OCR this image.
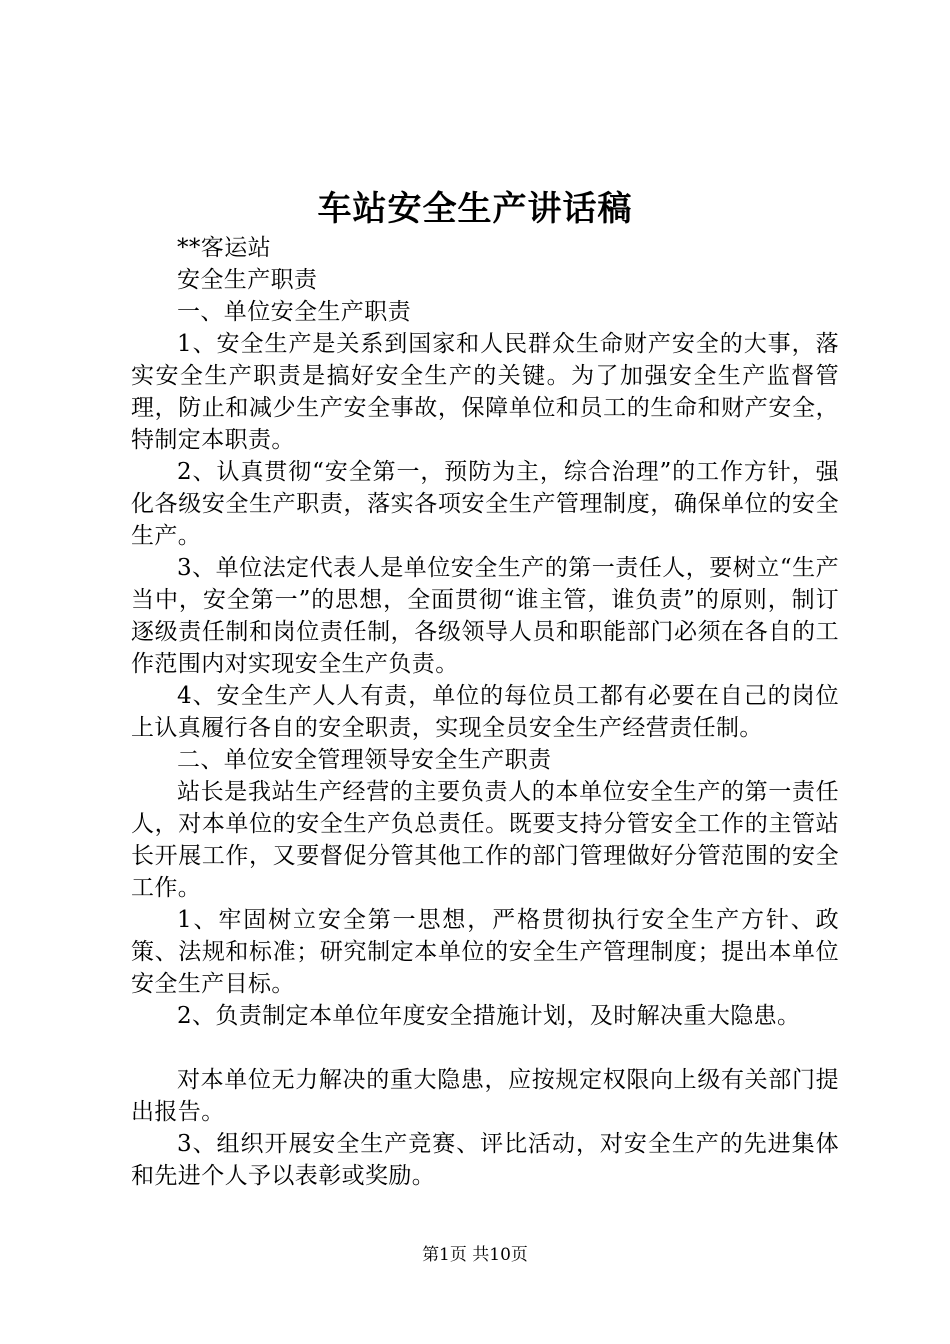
车站安全生产讲话稿

**客运站

安全生产职责

一、单位安全生产职责

1、安全生产是关系到国家和人民群众生命财产安全的大事，落实安全生产职责是搞好安全生产的关键。为了加强安全生产监督管理，防止和减少生产安全事故，保障单位和员工的生命和财产安全，特制定本职责。

2、认真贯彻“安全第一，预防为主，综合治理”的工作方针，强化各级安全生产职责，落实各项安全生产管理制度，确保单位的安全生产。

3、单位法定代表人是单位安全生产的第一责任人，要树立“生产当中，安全第一”的思想，全面贯彻“谁主管，谁负责”的原则，制订逐级责任制和岗位责任制，各级领导人员和职能部门必须在各自的工作范围内对实现安全生产负责。

4、安全生产人人有责，单位的每位员工都有必要在自己的岗位上认真履行各自的安全职责，实现全员安全生产经营责任制。

二、单位安全管理领导安全生产职责

站长是我站生产经营的主要负责人的本单位安全生产的第一责任人，对本单位的安全生产负总责任。既要支持分管安全工作的主管站长开展工作，又要督促分管其他工作的部门管理做好分管范围的安全工作。

1、牢固树立安全第一思想，严格贯彻执行安全生产方针、政策、法规和标准；研究制定本单位的安全生产管理制度；提出本单位安全生产目标。

2、负责制定本单位年度安全措施计划，及时解决重大隐患。

对本单位无力解决的重大隐患，应按规定权限向上级有关部门提出报告。

3、组织开展安全生产竞赛、评比活动，对安全生产的先进集体和先进个人予以表彰或奖励。

第1页 共10页
